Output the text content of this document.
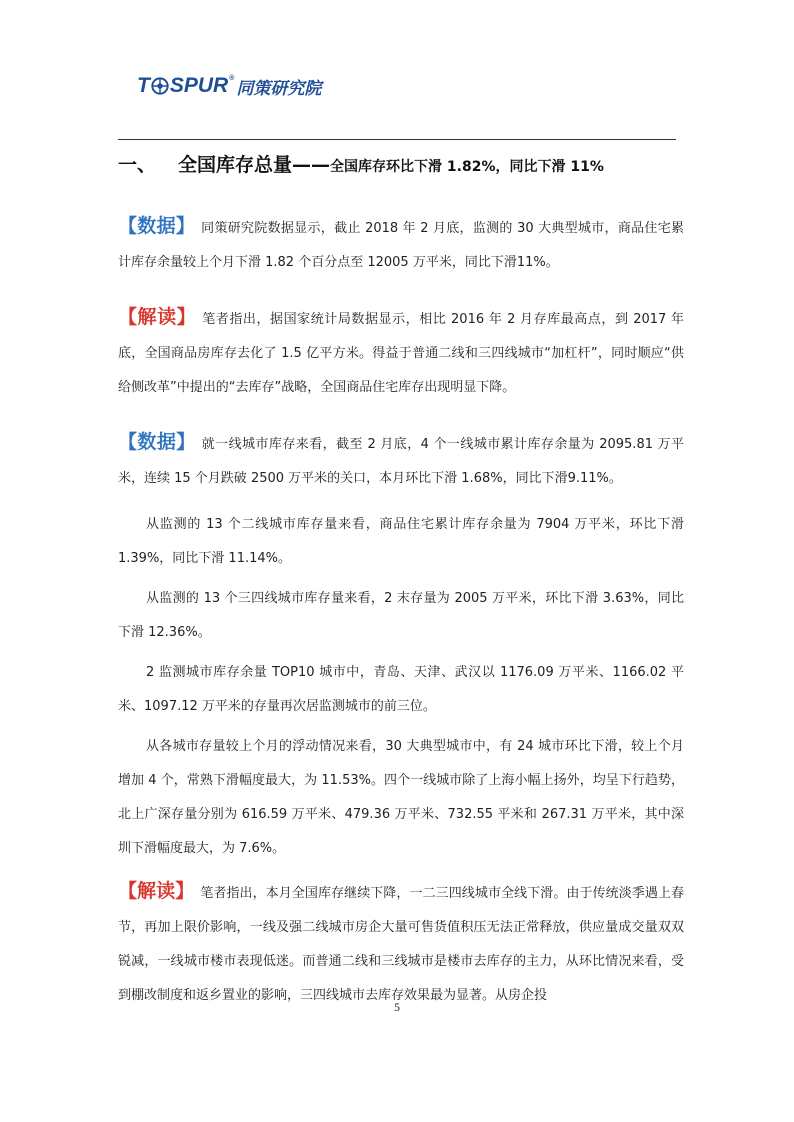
T SPUR ®
同策研究院
一、 全国库存总量——全国库存环比下滑 1.82%，同比下滑 11%

【数据】 同策研究院数据显示，截止 2018 年 2 月底，监测的 30 大典型城市，商品住宅累计库存余量较上个月下滑 1.82 个百分点至 12005 万平米，同比下滑11%。

【解读】 笔者指出，据国家统计局数据显示，相比 2016 年 2 月存库最高点，到 2017 年底，全国商品房库存去化了 1.5 亿平方米。得益于普通二线和三四线城市“加杠杆”，同时顺应“供给侧改革”中提出的“去库存”战略，全国商品住宅库存出现明显下降。

【数据】 就一线城市库存来看，截至 2 月底，4 个一线城市累计库存余量为 2095.81 万平米，连续 15 个月跌破 2500 万平米的关口，本月环比下滑 1.68%，同比下滑9.11%。

从监测的 13 个二线城市库存量来看，商品住宅累计库存余量为 7904 万平米，环比下滑 1.39%，同比下滑 11.14%。

从监测的 13 个三四线城市库存量来看，2 末存量为 2005 万平米，环比下滑 3.63%，同比下滑 12.36%。

2 监测城市库存余量 TOP10 城市中，青岛、天津、武汉以 1176.09 万平米、1166.02 平米、1097.12 万平米的存量再次居监测城市的前三位。

从各城市存量较上个月的浮动情况来看，30 大典型城市中，有 24 城市环比下滑，较上个月增加 4 个，常熟下滑幅度最大，为 11.53%。四个一线城市除了上海小幅上扬外，均呈下行趋势，北上广深存量分别为 616.59 万平米、479.36 万平米、732.55 平米和 267.31 万平米，其中深圳下滑幅度最大，为 7.6%。

【解读】 笔者指出，本月全国库存继续下降，一二三四线城市全线下滑。由于传统淡季遇上春节，再加上限价影响，一线及强二线城市房企大量可售货值积压无法正常释放，供应量成交量双双锐减，一线城市楼市表现低迷。而普通二线和三线城市是楼市去库存的主力，从环比情况来看，受到棚改制度和返乡置业的影响，三四线城市去库存效果最为显著。从房企投

5
